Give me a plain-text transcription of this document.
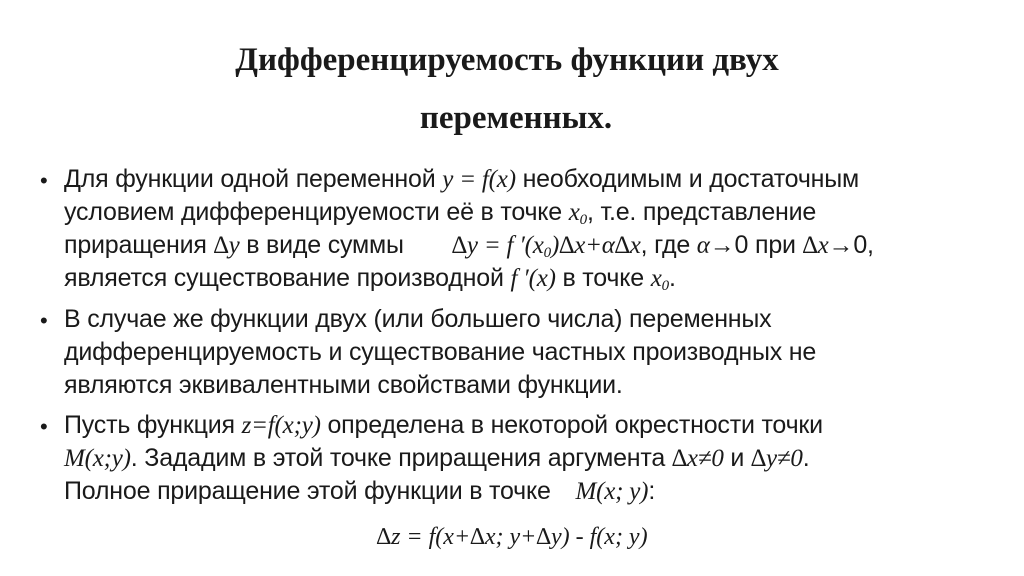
Дифференцируемость функции двух
переменных.
• Для функции одной переменной y = f(x) необходимым и достаточным
условием дифференцируемости её в точке x0, т.е. представление
приращения ∆y в виде суммы ∆y = f ′(x0)∆x+α∆x, где α→0 при ∆x→0,
является существование производной f ′(x) в точке x0.
• В случае же функции двух (или большего числа) переменных
дифференцируемость и существование частных производных не
являются эквивалентными свойствами функции.
• Пусть функция z=f(x;y) определена в некоторой окрестности точки
M(x;y). Зададим в этой точке приращения аргумента ∆x≠0 и ∆y≠0.
Полное приращение этой функции в точке M(x; y):
∆z = f(x+∆x; y+∆y) - f(x; y)
